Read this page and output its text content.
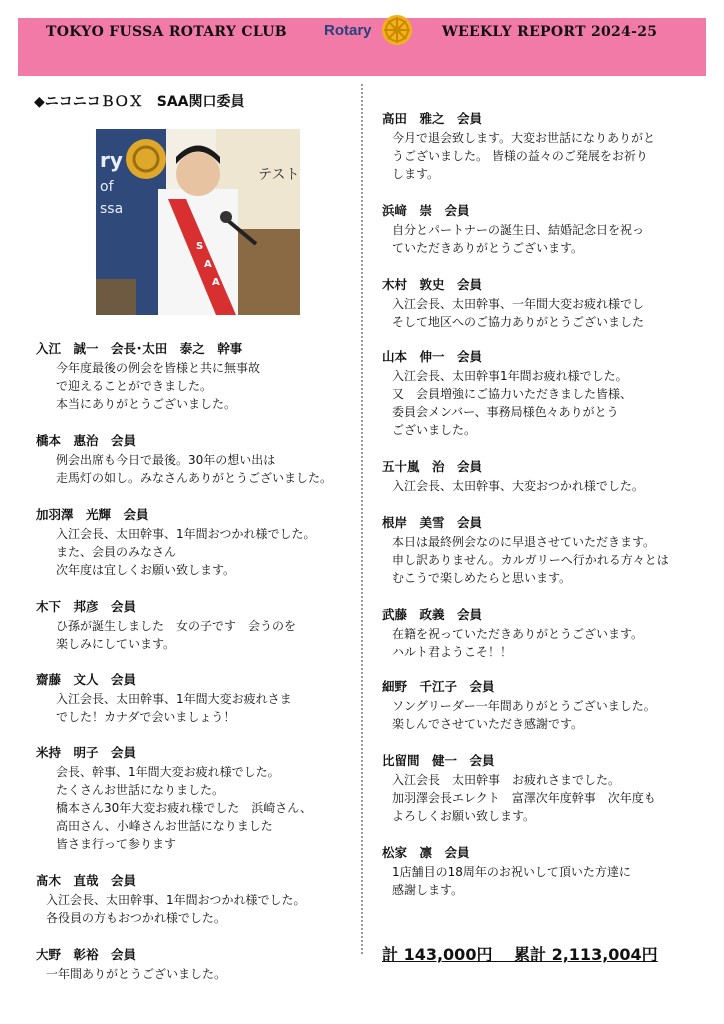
TOKYO FUSSA ROTARY CLUB Rotary	WEEKLY REPORT 2024-25
◆ニコニコＢＯＸ　SAA関口委員
ry
of
ssa
テスト
S
A
A
入江　誠一　会長･太田　泰之　幹事
今年度最後の例会を皆様と共に無事故
で迎えることができました。
本当にありがとうございました。
橋本　惠治　会員
例会出席も今日で最後。30年の想い出は
走馬灯の如し。みなさんありがとうございました。
加羽澤　光輝　会員
入江会長、太田幹事、1年間おつかれ様でした。
また、会員のみなさん
次年度は宜しくお願い致します。
木下　邦彦　会員
ひ孫が誕生しました　女の子です　会うのを
楽しみにしています。
齋藤　文人　会員
入江会長、太田幹事、1年間大変お疲れさま
でした！カナダで会いましょう！
米持　明子　会員
会長、幹事、1年間大変お疲れ様でした。
たくさんお世話になりました。
橋本さん30年大変お疲れ様でした　浜崎さん、
高田さん、小峰さんお世話になりました
皆さま行って参ります
髙木　直哉　会員
入江会長、太田幹事、1年間おつかれ様でした。
各役員の方もおつかれ様でした。
大野　彰裕　会員
一年間ありがとうございました。
高田　雅之　会員
今月で退会致します。大変お世話になりありがと
うございました。 皆様の益々のご発展をお祈り
します。
浜﨑　崇　会員
自分とパートナーの誕生日、結婚記念日を祝っ
ていただきありがとうございます。
木村　敦史　会員
入江会長、太田幹事、一年間大変お疲れ様でし
そして地区へのご協力ありがとうございました
山本　伸一　会員
入江会長、太田幹事1年間お疲れ様でした。
又　会員増強にご協力いただきました皆様、
委員会メンバー、事務局様色々ありがとう
ございました。
五十嵐　治　会員
入江会長、太田幹事、大変おつかれ様でした。
根岸　美雪　会員
本日は最終例会なのに早退させていただきます。
申し訳ありません。カルガリーへ行かれる方々とは
むこうで楽しめたらと思います。
武藤　政義　会員
在籍を祝っていただきありがとうございます。
ハルト君ようこそ！！
細野　千江子　会員
ソングリーダー一年間ありがとうございました。
楽しんでさせていただき感謝です。
比留間　健一　会員
入江会長　太田幹事　お疲れさまでした。
加羽澤会長エレクト　富澤次年度幹事　次年度も
よろしくお願い致します。
松家　凛　会員
1店舗目の18周年のお祝いして頂いた方達に
感謝します。
計 143,000円　 累計 2,113,004円
